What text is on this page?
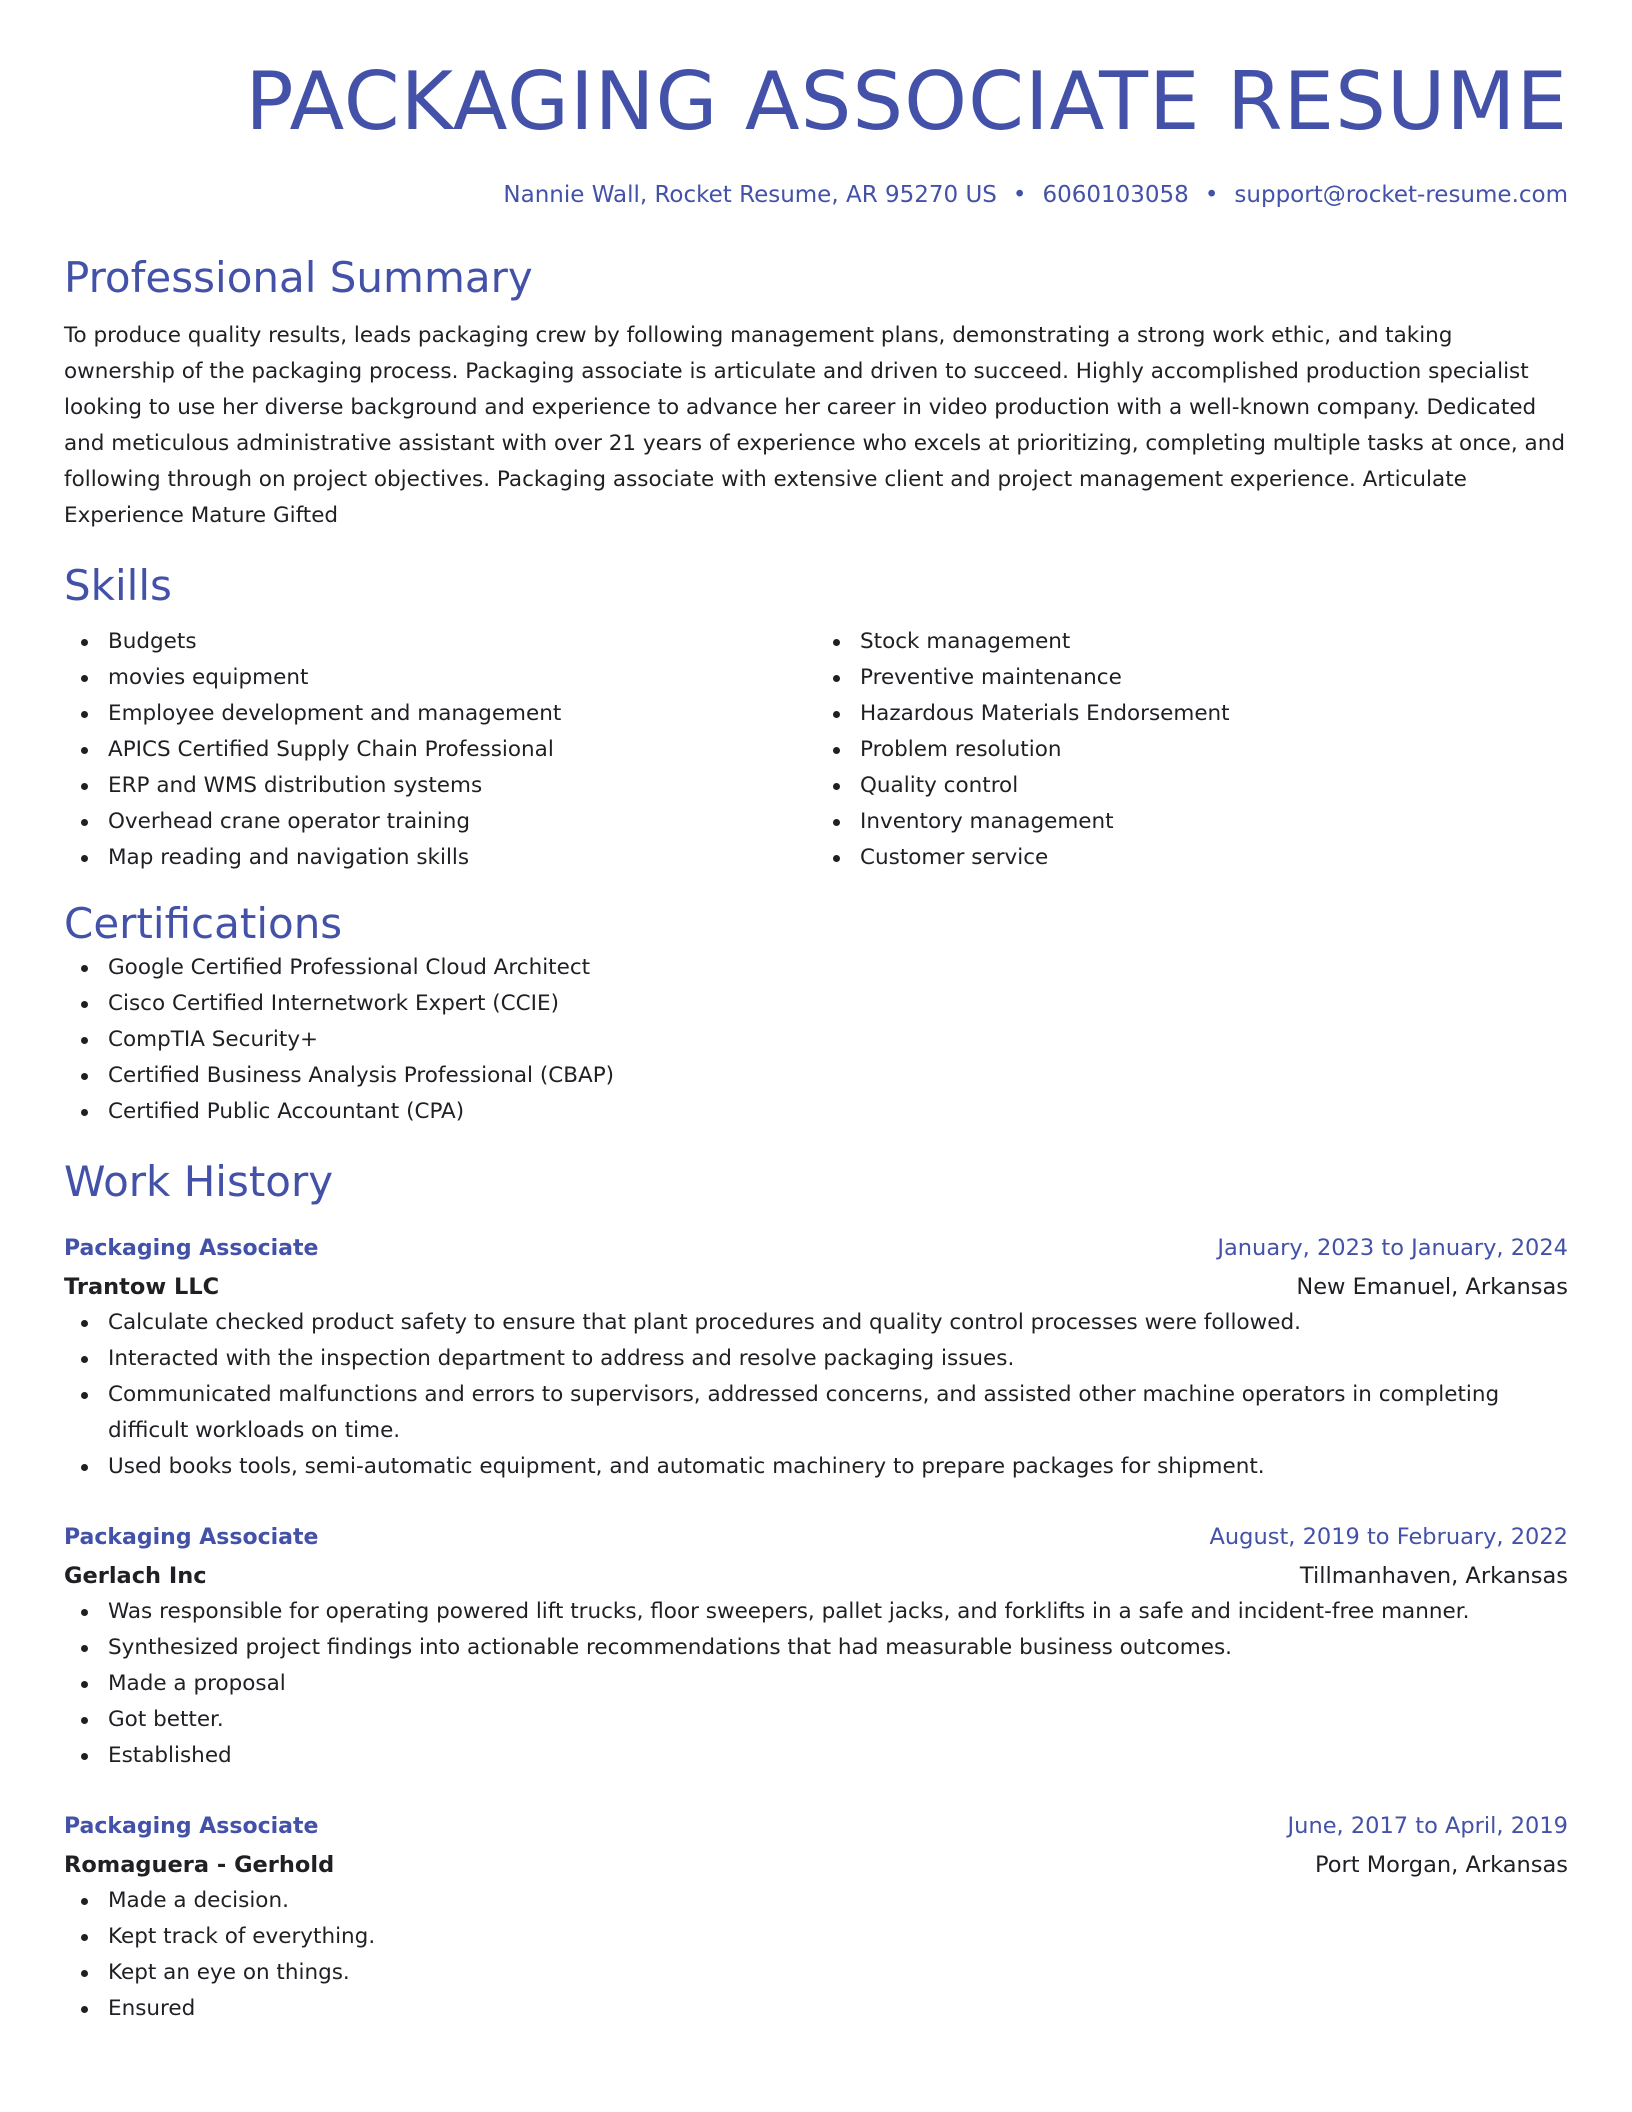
PACKAGING ASSOCIATE RESUME
Nannie Wall, Rocket Resume, AR 95270 US • 6060103058 • support@rocket-resume.com
Professional Summary

To produce quality results, leads packaging crew by following management plans, demonstrating a strong work ethic, and taking ownership of the packaging process. Packaging associate is articulate and driven to succeed. Highly accomplished production specialist looking to use her diverse background and experience to advance her career in video production with a well-known company. Dedicated and meticulous administrative assistant with over 21 years of experience who excels at prioritizing, completing multiple tasks at once, and following through on project objectives. Packaging associate with extensive client and project management experience. Articulate Experience Mature Gifted

Skills
Budgets
movies equipment
Employee development and management
APICS Certified Supply Chain Professional
ERP and WMS distribution systems
Overhead crane operator training
Map reading and navigation skills
Stock management
Preventive maintenance
Hazardous Materials Endorsement
Problem resolution
Quality control
Inventory management
Customer service
Certifications
Google Certified Professional Cloud Architect
Cisco Certified Internetwork Expert (CCIE)
CompTIA Security+
Certified Business Analysis Professional (CBAP)
Certified Public Accountant (CPA)
Work History
Packaging Associate	January, 2023 to January, 2024
Trantow LLC	New Emanuel, Arkansas
Calculate checked product safety to ensure that plant procedures and quality control processes were followed.
Interacted with the inspection department to address and resolve packaging issues.
Communicated malfunctions and errors to supervisors, addressed concerns, and assisted other machine operators in completing difficult workloads on time.
Used books tools, semi-automatic equipment, and automatic machinery to prepare packages for shipment.
Packaging Associate	August, 2019 to February, 2022
Gerlach Inc	Tillmanhaven, Arkansas
Was responsible for operating powered lift trucks, floor sweepers, pallet jacks, and forklifts in a safe and incident-free manner.
Synthesized project findings into actionable recommendations that had measurable business outcomes.
Made a proposal
Got better.
Established
Packaging Associate	June, 2017 to April, 2019
Romaguera - Gerhold	Port Morgan, Arkansas
Made a decision.
Kept track of everything.
Kept an eye on things.
Ensured
